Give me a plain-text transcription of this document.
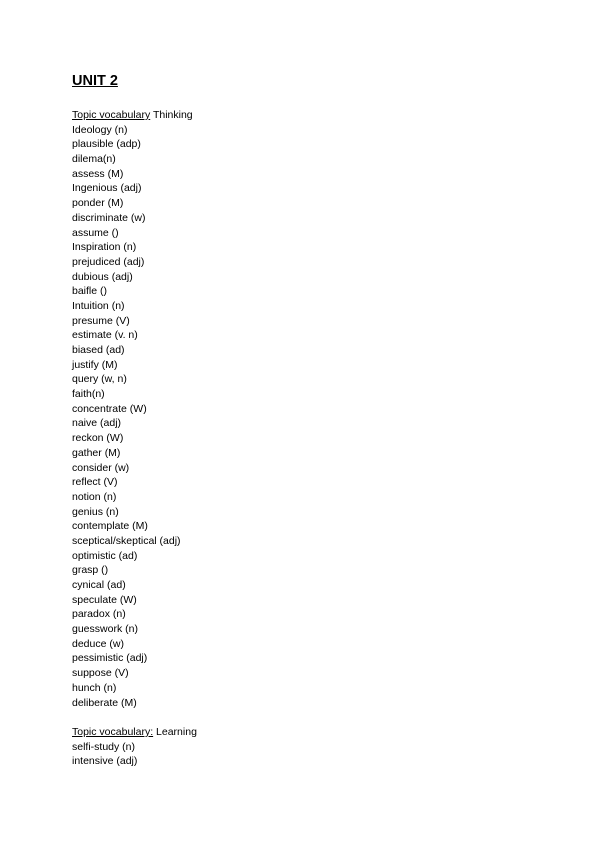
UNIT 2
Topic vocabulary Thinking
Ideology (n)
plausible (adp)
dilema(n)
assess (M)
Ingenious (adj)
ponder (M)
discriminate (w)
assume ()
Inspiration (n)
prejudiced (adj)
dubious (adj)
baifle ()
Intuition (n)
presume (V)
estimate (v. n)
biased (ad)
justify (M)
query (w, n)
faith(n)
concentrate (W)
naive (adj)
reckon (W)
gather (M)
consider (w)
reflect (V)
notion (n)
genius (n)
contemplate (M)
sceptical/skeptical (adj)
optimistic (ad)
grasp ()
cynical (ad)
speculate (W)
paradox (n)
guesswork (n)
deduce (w)
pessimistic (adj)
suppose (V)
hunch (n)
deliberate (M)
Topic vocabulary: Learning
selfi-study (n)
intensive (adj)
